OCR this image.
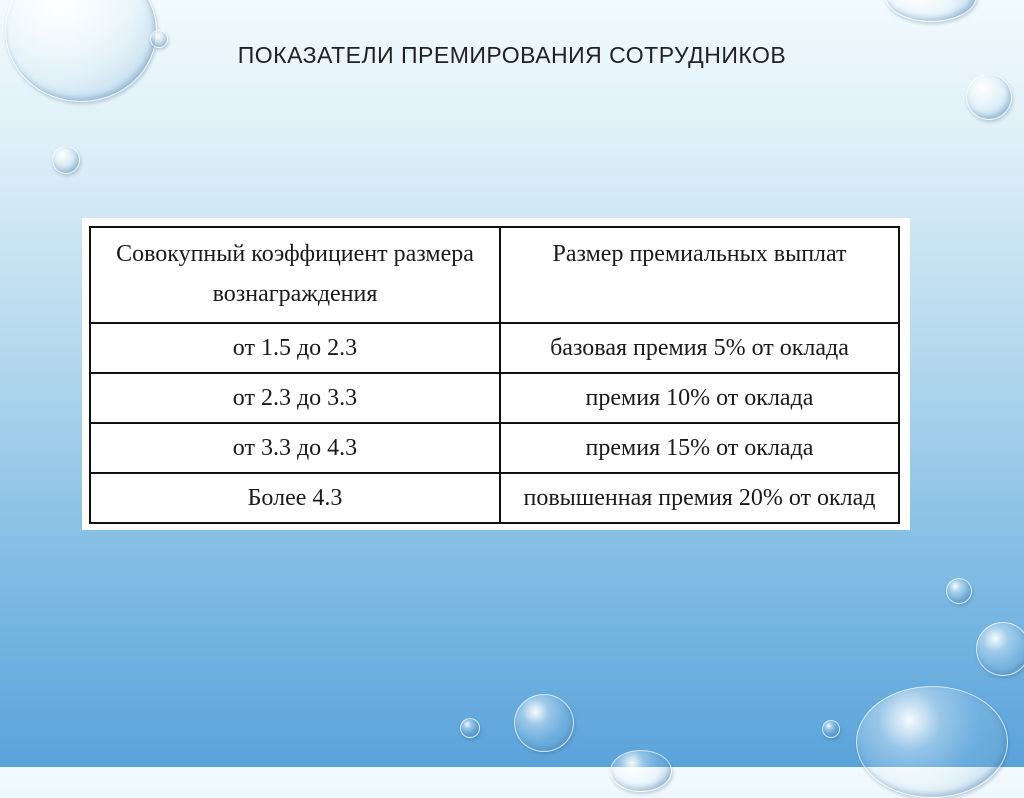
ПОКАЗАТЕЛИ ПРЕМИРОВАНИЯ СОТРУДНИКОВ
Совокупный коэффициент размера вознаграждения	Размер премиальных выплат
от 1.5 до 2.3	базовая премия 5% от оклада
от 2.3 до 3.3	премия 10% от оклада
от 3.3 до 4.3	премия 15% от оклада
Более 4.3	повышенная премия 20% от оклад
